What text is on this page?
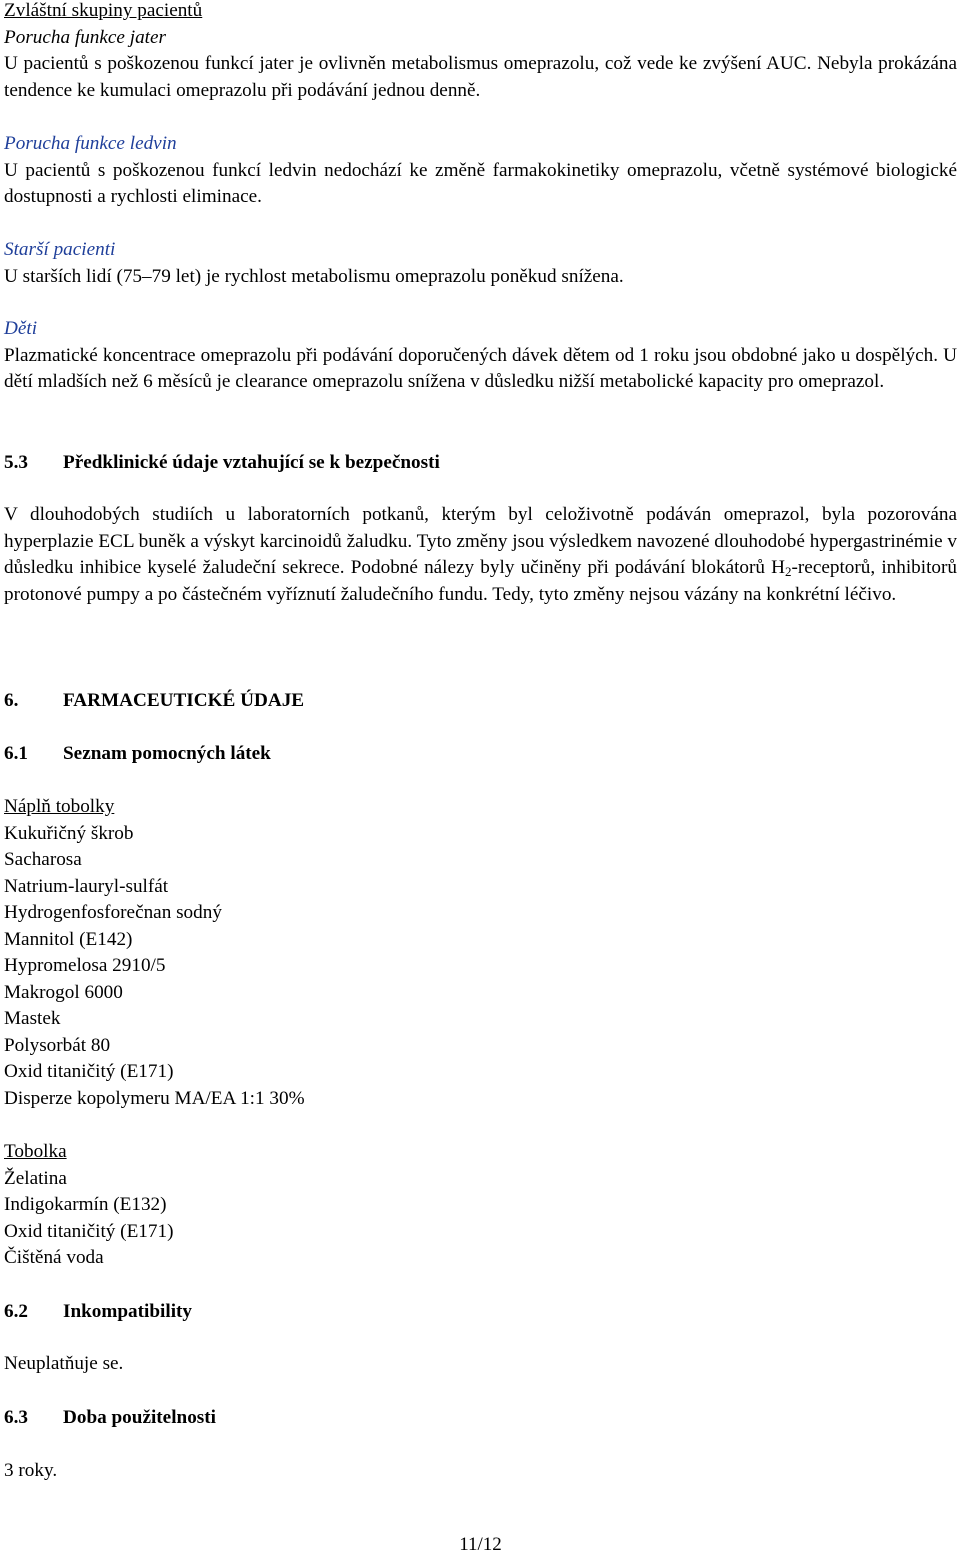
Zvláštní skupiny pacientů

Porucha funkce jater

U pacientů s poškozenou funkcí jater je ovlivněn metabolismus omeprazolu, což vede ke zvýšení AUC. Nebyla prokázána tendence ke kumulaci omeprazolu při podávání jednou denně.

Porucha funkce ledvin

U pacientů s poškozenou funkcí ledvin nedochází ke změně farmakokinetiky omeprazolu, včetně systémové biologické dostupnosti a rychlosti eliminace.

Starší pacienti

U starších lidí (75–79 let) je rychlost metabolismu omeprazolu poněkud snížena.

Děti

Plazmatické koncentrace omeprazolu při podávání doporučených dávek dětem od 1 roku jsou obdobné jako u dospělých. U dětí mladších než 6 měsíců je clearance omeprazolu snížena v důsledku nižší metabolické kapacity pro omeprazol.

5.3 Předklinické údaje vztahující se k bezpečnosti

V dlouhodobých studiích u laboratorních potkanů, kterým byl celoživotně podáván omeprazol, byla pozorována hyperplazie ECL buněk a výskyt karcinoidů žaludku. Tyto změny jsou výsledkem navozené dlouhodobé hypergastrinémie v důsledku inhibice kyselé žaludeční sekrece. Podobné nálezy byly učiněny při podávání blokátorů $H_2$-receptorů, inhibitorů protonové pumpy a po částečném vyříznutí žaludečního fundu. Tedy, tyto změny nejsou vázány na konkrétní léčivo.

6. FARMACEUTICKÉ ÚDAJE

6.1 Seznam pomocných látek

Náplň tobolky

Kukuřičný škrob
Sacharosa
Natrium-lauryl-sulfát
Hydrogenfosforečnan sodný
Mannitol (E142)
Hypromelosa 2910/5
Makrogol 6000
Mastek
Polysorbát 80
Oxid titaničitý (E171)
Disperze kopolymeru MA/EA 1:1 30%

Tobolka

Želatina
Indigokarmín (E132)
Oxid titaničitý (E171)
Čištěná voda

6.2 Inkompatibility

Neuplatňuje se.

6.3 Doba použitelnosti

3 roky.

11/12
